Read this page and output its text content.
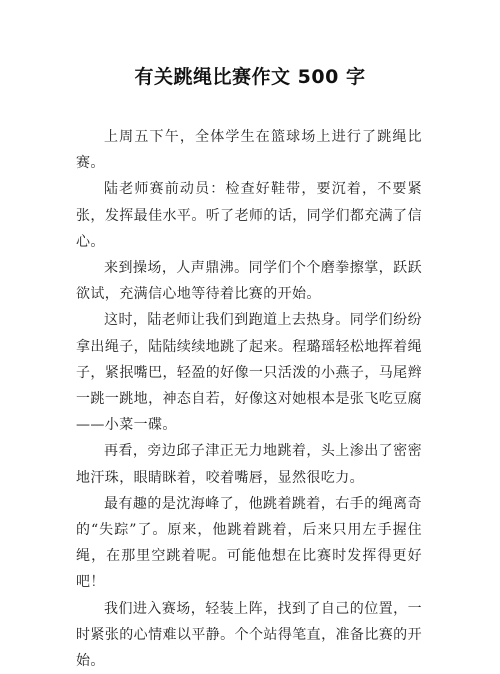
有关跳绳比赛作文 500 字

上周五下午，全体学生在篮球场上进行了跳绳比赛。

陆老师赛前动员：检查好鞋带，要沉着，不要紧张，发挥最佳水平。听了老师的话，同学们都充满了信心。

来到操场，人声鼎沸。同学们个个磨拳擦掌，跃跃欲试，充满信心地等待着比赛的开始。

这时，陆老师让我们到跑道上去热身。同学们纷纷拿出绳子，陆陆续续地跳了起来。程璐瑶轻松地挥着绳子，紧抿嘴巴，轻盈的好像一只活泼的小燕子，马尾辫一跳一跳地，神态自若，好像这对她根本是张飞吃豆腐——小菜一碟。

再看，旁边邱子津正无力地跳着，头上渗出了密密地汗珠，眼睛眯着，咬着嘴唇，显然很吃力。

最有趣的是沈海峰了，他跳着跳着，右手的绳离奇的“失踪”了。原来，他跳着跳着，后来只用左手握住绳，在那里空跳着呢。可能他想在比赛时发挥得更好吧！

我们进入赛场，轻装上阵，找到了自己的位置，一时紧张的心情难以平静。个个站得笔直，准备比赛的开始。
